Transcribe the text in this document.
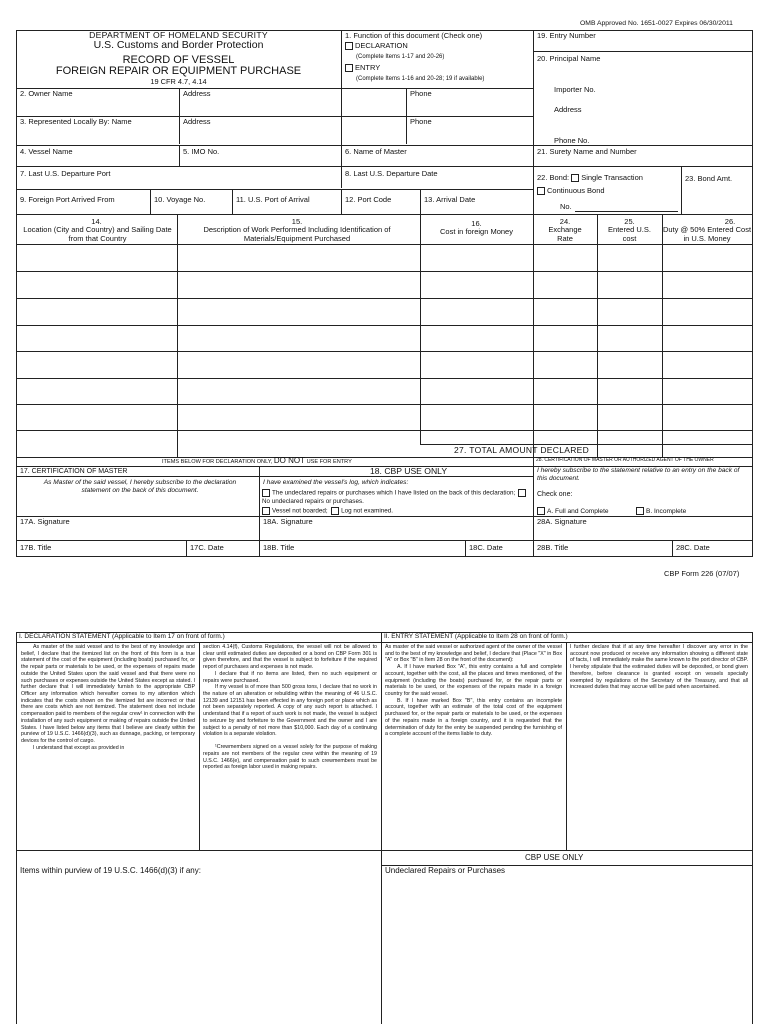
OMB Approved No. 1651-0027 Expires 06/30/2011
DEPARTMENT OF HOMELAND SECURITY
U.S. Customs and Border Protection
RECORD OF VESSEL
FOREIGN REPAIR OR EQUIPMENT PURCHASE
19 CFR 4.7, 4.14
1. Function of this document (Check one)
DECLARATION
(Complete Items 1-17 and 20-26)
ENTRY
(Complete Items 1-16 and 20-28; 19 if available)
19. Entry Number
20. Principal Name
Importer No.
Address
Phone No.
2. Owner Name	Address	Phone
3. Represented Locally By: Name	Address	Phone
4. Vessel Name	5. IMO No.	6. Name of Master	21. Surety Name and Number
7. Last U.S. Departure Port	8. Last U.S. Departure Date	22. Bond: Single Transaction
Continuous Bond
No.
23. Bond Amt.
9. Foreign Port Arrived From	10. Voyage No.	11. U.S. Port of Arrival	12. Port Code	13. Arrival Date
14.
Location (City and Country) and Sailing Date from that Country
15.
Description of Work Performed Including Identification of Materials/Equipment Purchased
16.
Cost in foreign Money
24.
Exchange Rate
25.
Entered U.S. cost
26.
Duty @ 50% Entered Cost in U.S. Money
27. TOTAL AMOUNT DECLARED
ITEMS BELOW FOR DECLARATION ONLY, DO NOT USE FOR ENTRY	28. CERTIFICATION OF MASTER OR AUTHORIZED AGENT OF THE OWNER
17. CERTIFICATION OF MASTER	18. CBP USE ONLY
As Master of the said vessel, I hereby subscribe to the declaration statement on the back of this document.
I have examined the vessel's log, which indicates:
The undeclared repairs or purchases which I have listed on the back of this declaration;No undeclared repairs or purchases.
Vessel not boarded; Log not examined.
I hereby subscribe to the statement relative to an entry on the back of this document.
Check one:
A. Full and Complete	B. Incomplete
17A. Signature	18A. Signature	28A. Signature
17B. Title	17C. Date	18B. Title	18C. Date	28B. Title	28C. Date
CBP Form 226 (07/07)
I. DECLARATION STATEMENT (Applicable to Item 17 on front of form.)	II. ENTRY STATEMENT (Applicable to Item 28 on front of form.)

As master of the said vessel and to the best of my knowledge and belief, I declare that the itemized list on the front of this form is a true statement of the cost of the equipment (including boats) purchased for, or the repair parts or materials to be used, or the expenses of repairs made outside the United States upon the said vessel and that there were no such purchases or expenses outside the United States except as stated. I further declare that I will immediately furnish to the appropriate CBP Officer any information which hereafter comes to my attention which indicates that the costs shown on the itemized list are incorrect or that there are costs which are not itemized. The statement does not include compensation paid to members of the regular crew¹ in connection with the installation of any such equipment or making of repairs outside the United States. I have listed below any items that I believe are clearly within the purview of 19 U.S.C. 1466(d)(3), such as dunnage, packing, or temporary devices for the control of cargo.

I understand that except as provided in

section 4.14(f), Customs Regulations, the vessel will not be allowed to clear until estimated duties are deposited or a bond on CBP Form 301 is given therefore, and that the vessel is subject to forfeiture if the required report of purchases and expenses is not made.

I declare that if no items are listed, then no such equipment or repairs were purchased.

If my vessel is of more than 500 gross tons, I declare that no work in the nature of an alteration or rebuilding within the meaning of 46 U.S.C. 12139 and 12151 has been effected in any foreign port or place which as not been separately reported. A copy of any such report is attached. I understand that if a report of such work is not made, the vessel is subject to seizure by and forfeiture to the Government and the owner and I are subject to a penalty of not more than $10,000. Each day of a continuing violation is a separate violation.

¹Crewmembers signed on a vessel solely for the purpose of making repairs are not members of the regular crew within the meaning of 19 U.S.C. 1466(e), and compensation paid to such crewmembers must be reported as foreign labor used in making repairs.

As master of the said vessel or authorized agent of the owner of the vessel and to the best of my knowledge and belief, I declare that (Place "X" in Box "A" or Box "B" in Item 28 on the front of the document):

A. If I have marked Box "A", this entry contains a full and complete account, together with the cost, all the places and times mentioned, of the equipment (including the boats) purchased for, or the repair parts or materials to be used, or the expenses of the repairs made in a foreign country for the said vessel.

B. If I have marked Box "B", this entry contains an incomplete account, together with an estimate of the total cost of the equipment purchased for, or the repair parts or materials to be used, or the expenses of the repairs made in a foreign country, and it is requested that the determination of duty for the entry be suspended pending the furnishing of a complete account of the items liable to duty.

I further declare that if at any time hereafter I discover any error in the account now produced or receive any information showing a different state of facts, I will immediately make the same known to the port director of CBP. I hereby stipulate that the estimated duties will be deposited, or bond given therefore, before clearance is granted except on vessels specially exempted by regulations of the Secretary of the Treasury, and that all increased duties that may accrue will be paid when ascertained.

CBP USE ONLY
Items within purview of 19 U.S.C. 1466(d)(3) if any:	Undeclared Repairs or Purchases
